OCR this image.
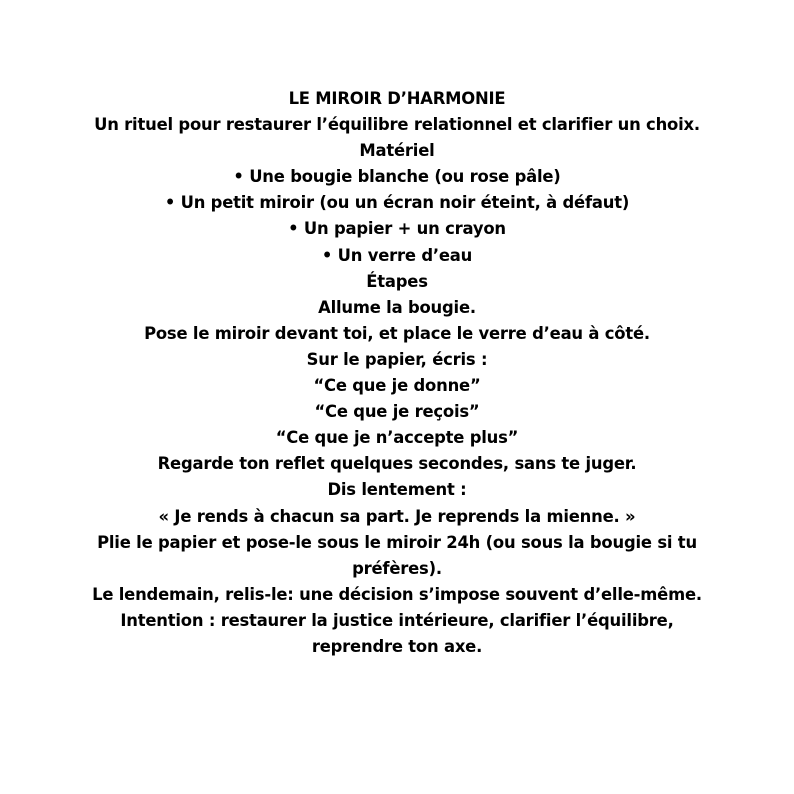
LE MIROIR D’HARMONIE
Un rituel pour restaurer l’équilibre relationnel et clarifier un choix.
Matériel
• Une bougie blanche (ou rose pâle)
• Un petit miroir (ou un écran noir éteint, à défaut)
• Un papier + un crayon
• Un verre d’eau
Étapes
Allume la bougie.
Pose le miroir devant toi, et place le verre d’eau à côté.
Sur le papier, écris :
“Ce que je donne”
“Ce que je reçois”
“Ce que je n’accepte plus”
Regarde ton reflet quelques secondes, sans te juger.
Dis lentement :
« Je rends à chacun sa part. Je reprends la mienne. »
Plie le papier et pose-le sous le miroir 24h (ou sous la bougie si tu préfères).
Le lendemain, relis-le: une décision s’impose souvent d’elle-même.
Intention : restaurer la justice intérieure, clarifier l’équilibre, reprendre ton axe.
